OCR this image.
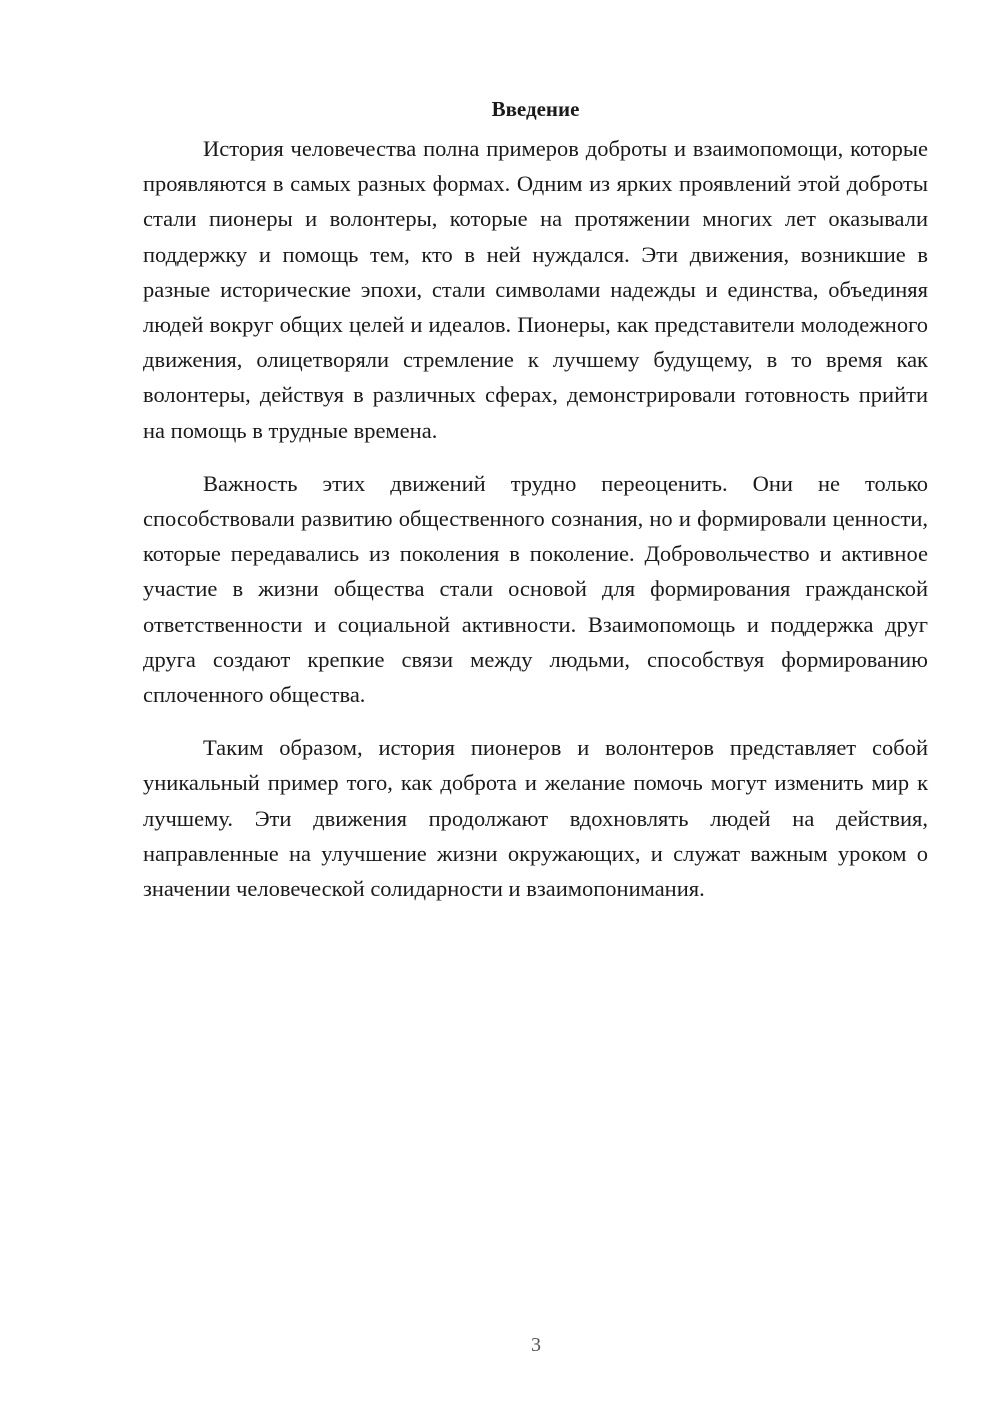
Введение

История человечества полна примеров доброты и взаимопомощи, которые проявляются в самых разных формах. Одним из ярких проявлений этой доброты стали пионеры и волонтеры, которые на протяжении многих лет оказывали поддержку и помощь тем, кто в ней нуждался. Эти движения, возникшие в разные исторические эпохи, стали символами надежды и единства, объединяя людей вокруг общих целей и идеалов. Пионеры, как представители молодежного движения, олицетворяли стремление к лучшему будущему, в то время как волонтеры, действуя в различных сферах, демонстрировали готовность прийти на помощь в трудные времена.

Важность этих движений трудно переоценить. Они не только способствовали развитию общественного сознания, но и формировали ценности, которые передавались из поколения в поколение. Добровольчество и активное участие в жизни общества стали основой для формирования гражданской ответственности и социальной активности. Взаимопомощь и поддержка друг друга создают крепкие связи между людьми, способствуя формированию сплоченного общества.

Таким образом, история пионеров и волонтеров представляет собой уникальный пример того, как доброта и желание помочь могут изменить мир к лучшему. Эти движения продолжают вдохновлять людей на действия, направленные на улучшение жизни окружающих, и служат важным уроком о значении человеческой солидарности и взаимопонимания.

3
